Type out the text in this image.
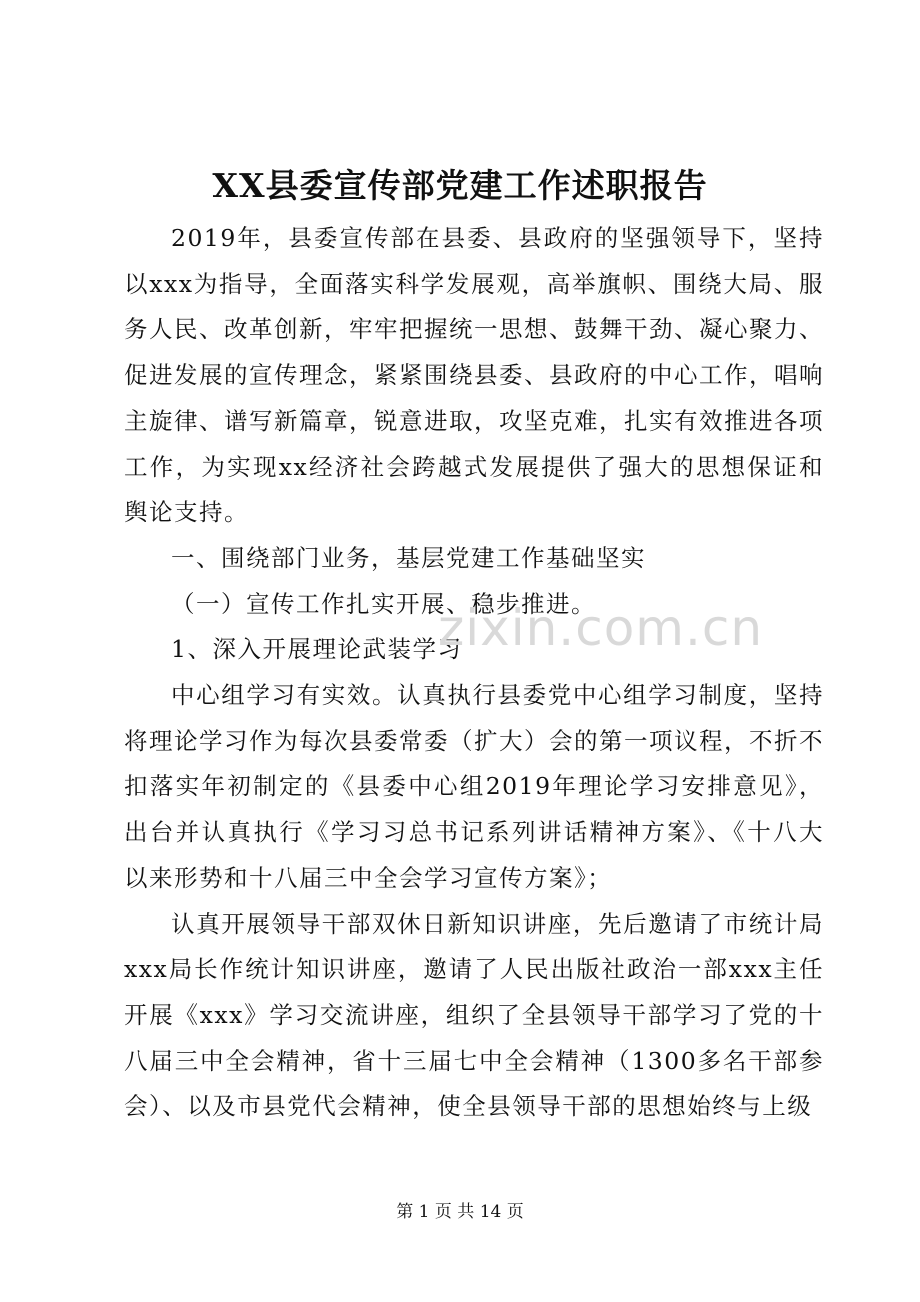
XX县委宣传部党建工作述职报告

2019年，县委宣传部在县委、县政府的坚强领导下，坚持以xxx为指导，全面落实科学发展观，高举旗帜、围绕大局、服务人民、改革创新，牢牢把握统一思想、鼓舞干劲、凝心聚力、促进发展的宣传理念，紧紧围绕县委、县政府的中心工作，唱响主旋律、谱写新篇章，锐意进取，攻坚克难，扎实有效推进各项工作，为实现xx经济社会跨越式发展提供了强大的思想保证和舆论支持。

一、围绕部门业务，基层党建工作基础坚实

（一）宣传工作扎实开展、稳步推进。

1、深入开展理论武装学习

中心组学习有实效。认真执行县委党中心组学习制度，坚持将理论学习作为每次县委常委（扩大）会的第一项议程，不折不扣落实年初制定的《县委中心组2019年理论学习安排意见》，出台并认真执行《学习习总书记系列讲话精神方案》、《十八大以来形势和十八届三中全会学习宣传方案》；

认真开展领导干部双休日新知识讲座，先后邀请了市统计局xxx局长作统计知识讲座，邀请了人民出版社政治一部xxx主任开展《xxx》学习交流讲座，组织了全县领导干部学习了党的十八届三中全会精神，省十三届七中全会精神（1300多名干部参会）、以及市县党代会精神，使全县领导干部的思想始终与上级

zixin.com.cn
第 1 页 共 14 页
